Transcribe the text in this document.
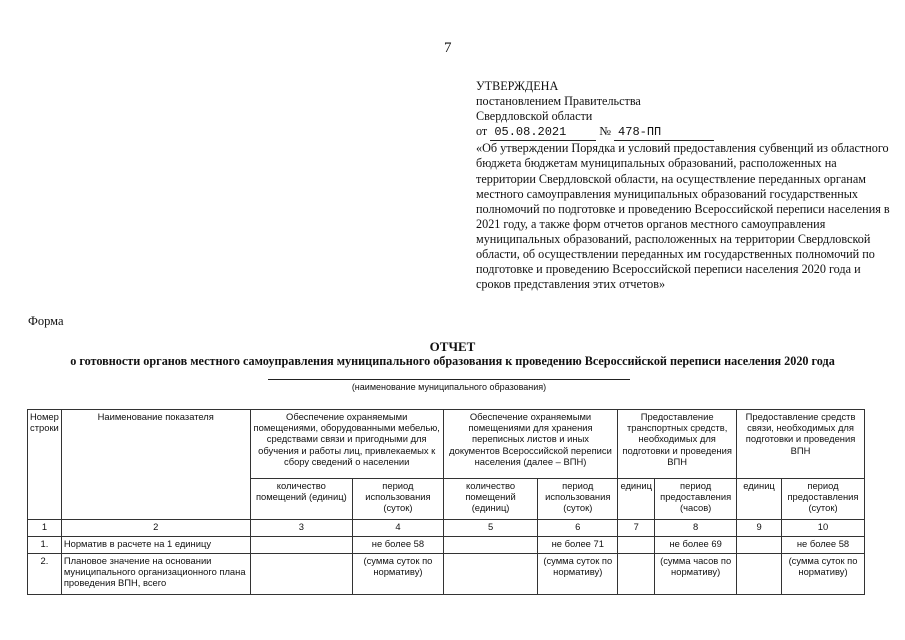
7
УТВЕРЖДЕНА
постановлением Правительства
Свердловской области
от 05.08.2021	№ 478-ПП
«Об утверждении Порядка и условий предоставления субвенций из областного бюджета бюджетам муниципальных образований, расположенных на территории Свердловской области, на осуществление переданных органам местного самоуправления муниципальных образований государственных полномочий по подготовке и проведению Всероссийской переписи населения в 2021 году, а также форм отчетов органов местного самоуправления муниципальных образований, расположенных на территории Свердловской области, об осуществлении переданных им государственных полномочий по подготовке и проведению Всероссийской переписи населения 2020 года и сроков представления этих отчетов»
Форма
ОТЧЕТ
о готовности органов местного самоуправления муниципального образования к проведению Всероссийской переписи населения 2020 года
(наименование муниципального образования)
Номер строки	Наименование показателя	Обеспечение охраняемыми помещениями, оборудованными мебелью, средствами связи и пригодными для обучения и работы лиц, привлекаемых к сбору сведений о населении		Обеспечение охраняемыми помещениями для хранения переписных листов и иных документов Всероссийской переписи населения (далее – ВПН)		Предоставление транспортных средств, необходимых для подготовки и проведения ВПН		Предоставление средств связи, необходимых для подготовки и проведения ВПН	
		количество помещений (единиц)	период использования (суток)	количество помещений (единиц)	период использования (суток)	единиц	период предоставления (часов)	единиц	период предоставления (суток)
1	2	3	4	5	6	7	8	9	10
1.	Норматив в расчете на 1 единицу		не более 58		не более 71		не более 69		не более 58
2.	Плановое значение на основании муниципального организационного плана проведения ВПН, всего		(сумма суток по нормативу)		(сумма суток по нормативу)		(сумма часов по нормативу)		(сумма суток по нормативу)
